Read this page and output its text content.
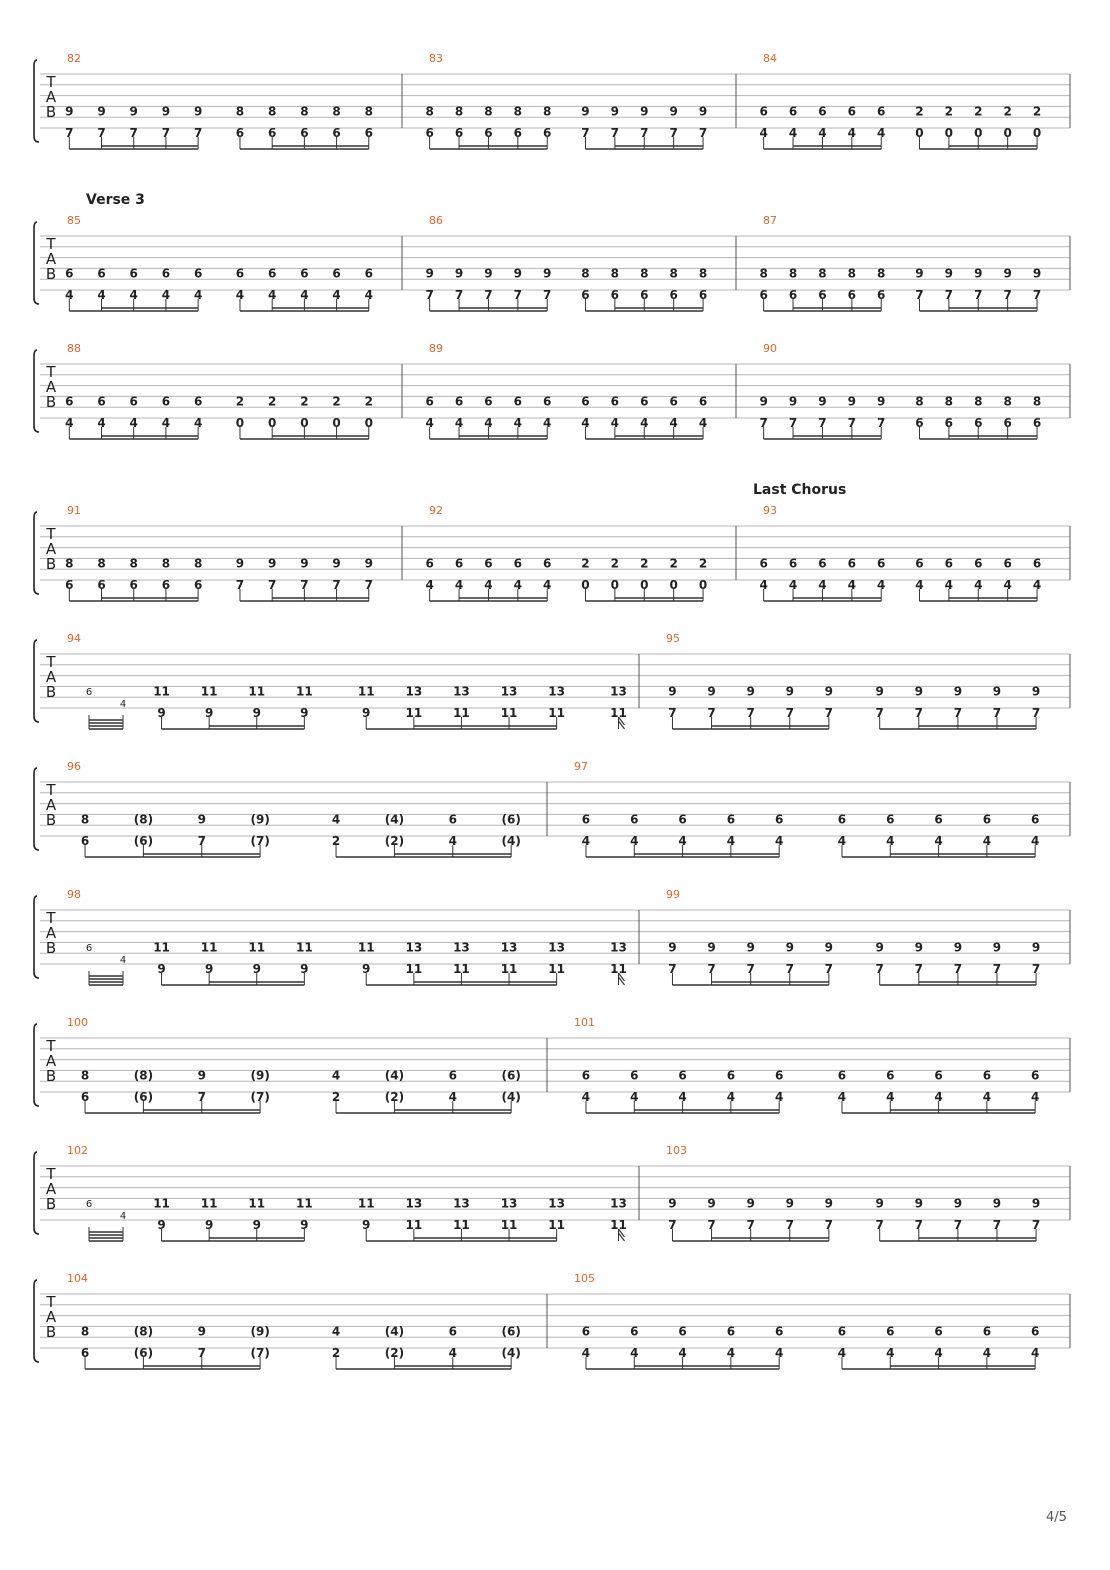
T
A
B
82
9
7
9
7
9
7
9
7
9
7
8
6
8
6
8
6
8
6
8
6
83
8
6
8
6
8
6
8
6
8
6
9
7
9
7
9
7
9
7
9
7
84
6
4
6
4
6
4
6
4
6
4
2
0
2
0
2
0
2
0
2
0
T
A
B
Verse 3
85
6
4
6
4
6
4
6
4
6
4
6
4
6
4
6
4
6
4
6
4
86
9
7
9
7
9
7
9
7
9
7
8
6
8
6
8
6
8
6
8
6
87
8
6
8
6
8
6
8
6
8
6
9
7
9
7
9
7
9
7
9
7
T
A
B
88
6
4
6
4
6
4
6
4
6
4
2
0
2
0
2
0
2
0
2
0
89
6
4
6
4
6
4
6
4
6
4
6
4
6
4
6
4
6
4
6
4
90
9
7
9
7
9
7
9
7
9
7
8
6
8
6
8
6
8
6
8
6
T
A
B
Last Chorus
91
8
6
8
6
8
6
8
6
8
6
9
7
9
7
9
7
9
7
9
7
92
6
4
6
4
6
4
6
4
6
4
2
0
2
0
2
0
2
0
2
0
93
6
4
6
4
6
4
6
4
6
4
6
4
6
4
6
4
6
4
6
4
T
A
B
94
6
4
11
9
11
9
11
9
11
9
11
9
13
11
13
11
13
11
13
11
13
11
95
9
7
9
7
9
7
9
7
9
7
9
7
9
7
9
7
9
7
9
7
T
A
B
96
8
6
(8)
(6)
9
7
(9)
(7)
4
2
(4)
(2)
6
4
(6)
(4)
97
6
4
6
4
6
4
6
4
6
4
6
4
6
4
6
4
6
4
6
4
T
A
B
98
6
4
11
9
11
9
11
9
11
9
11
9
13
11
13
11
13
11
13
11
13
11
99
9
7
9
7
9
7
9
7
9
7
9
7
9
7
9
7
9
7
9
7
T
A
B
100
8
6
(8)
(6)
9
7
(9)
(7)
4
2
(4)
(2)
6
4
(6)
(4)
101
6
4
6
4
6
4
6
4
6
4
6
4
6
4
6
4
6
4
6
4
T
A
B
102
6
4
11
9
11
9
11
9
11
9
11
9
13
11
13
11
13
11
13
11
13
11
103
9
7
9
7
9
7
9
7
9
7
9
7
9
7
9
7
9
7
9
7
T
A
B
104
8
6
(8)
(6)
9
7
(9)
(7)
4
2
(4)
(2)
6
4
(6)
(4)
105
6
4
6
4
6
4
6
4
6
4
6
4
6
4
6
4
6
4
6
4
4/5
